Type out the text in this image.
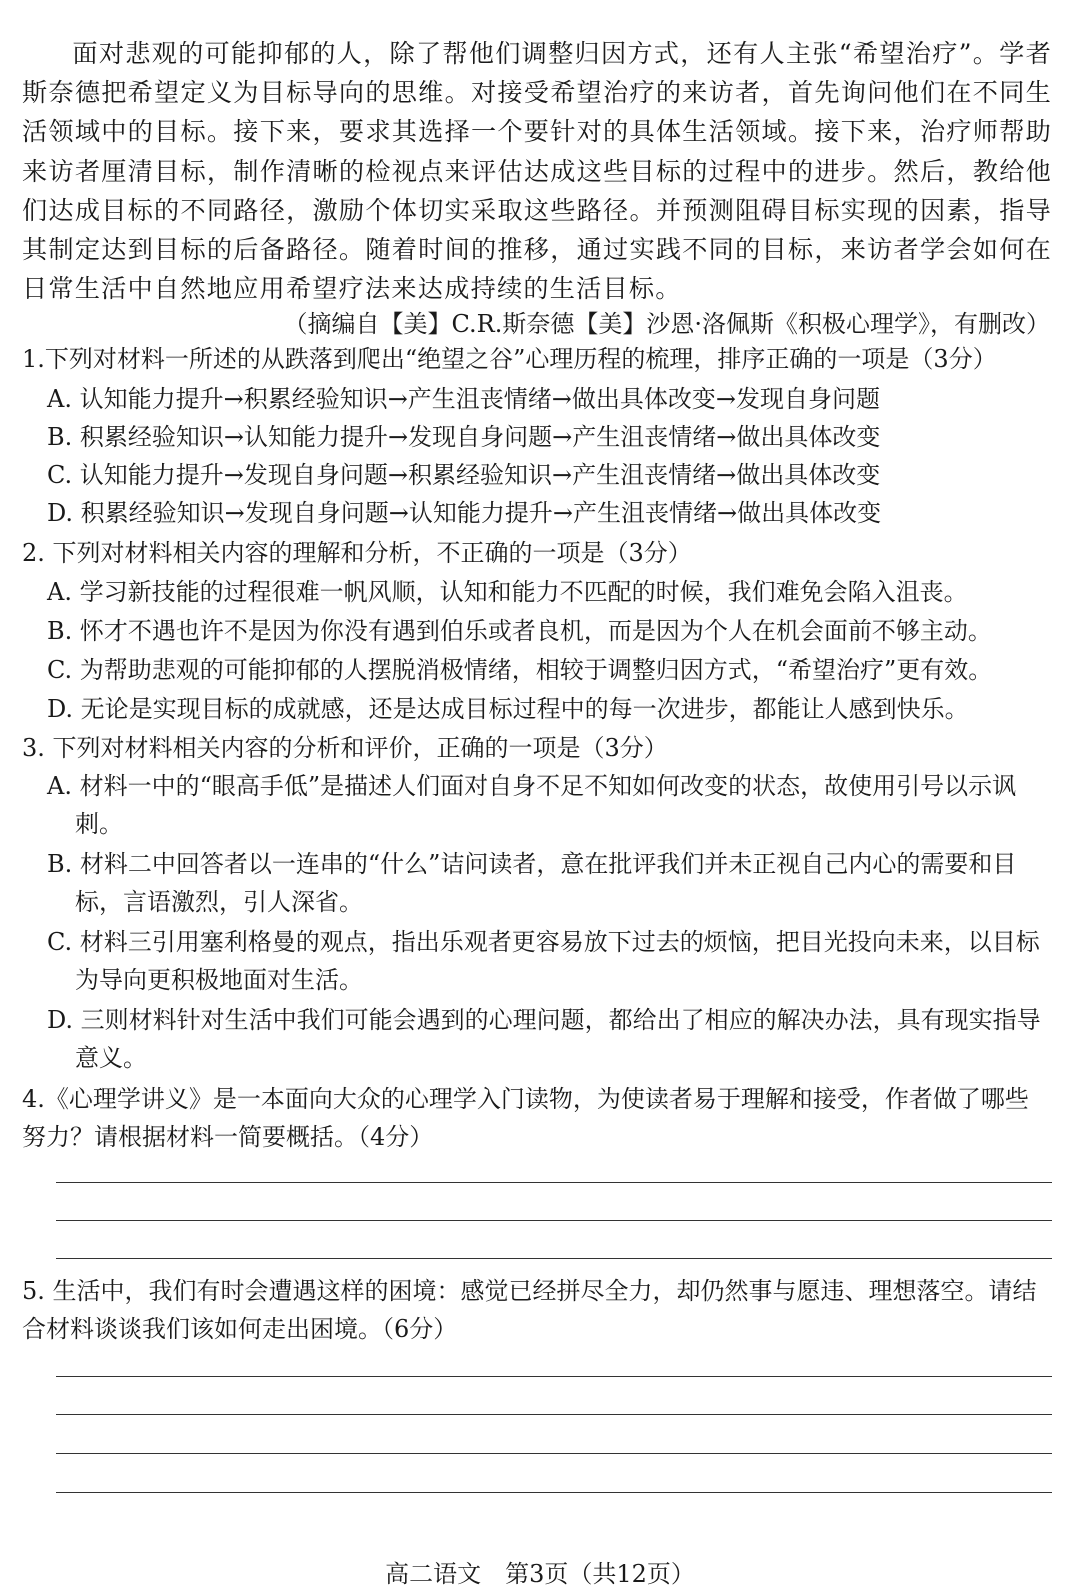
面对悲观的可能抑郁的人，除了帮他们调整归因方式，还有人主张“希望治疗”。学者斯奈德把希望定义为目标导向的思维。对接受希望治疗的来访者，首先询问他们在不同生活领域中的目标。接下来，要求其选择一个要针对的具体生活领域。接下来，治疗师帮助来访者厘清目标，制作清晰的检视点来评估达成这些目标的过程中的进步。然后，教给他们达成目标的不同路径，激励个体切实采取这些路径。并预测阻碍目标实现的因素，指导其制定达到目标的后备路径。随着时间的推移，通过实践不同的目标，来访者学会如何在日常生活中自然地应用希望疗法来达成持续的生活目标。

（摘编自【美】C.R.斯奈德【美】沙恩·洛佩斯《积极心理学》，有删改）

1.下列对材料一所述的从跌落到爬出“绝望之谷”心理历程的梳理，排序正确的一项是（3分）

A. 认知能力提升→积累经验知识→产生沮丧情绪→做出具体改变→发现自身问题

B. 积累经验知识→认知能力提升→发现自身问题→产生沮丧情绪→做出具体改变

C. 认知能力提升→发现自身问题→积累经验知识→产生沮丧情绪→做出具体改变

D. 积累经验知识→发现自身问题→认知能力提升→产生沮丧情绪→做出具体改变

2. 下列对材料相关内容的理解和分析，不正确的一项是（3分）

A. 学习新技能的过程很难一帆风顺，认知和能力不匹配的时候，我们难免会陷入沮丧。

B. 怀才不遇也许不是因为你没有遇到伯乐或者良机，而是因为个人在机会面前不够主动。

C. 为帮助悲观的可能抑郁的人摆脱消极情绪，相较于调整归因方式，“希望治疗”更有效。

D. 无论是实现目标的成就感，还是达成目标过程中的每一次进步，都能让人感到快乐。

3. 下列对材料相关内容的分析和评价，正确的一项是（3分）

A. 材料一中的“眼高手低”是描述人们面对自身不足不知如何改变的状态，故使用引号以示讽刺。

B. 材料二中回答者以一连串的“什么”诘问读者，意在批评我们并未正视自己内心的需要和目标，言语激烈，引人深省。

C. 材料三引用塞利格曼的观点，指出乐观者更容易放下过去的烦恼，把目光投向未来，以目标为导向更积极地面对生活。

D. 三则材料针对生活中我们可能会遇到的心理问题，都给出了相应的解决办法，具有现实指导意义。

4.《心理学讲义》是一本面向大众的心理学入门读物，为使读者易于理解和接受，作者做了哪些努力？请根据材料一简要概括。（4分）

5. 生活中，我们有时会遭遇这样的困境：感觉已经拼尽全力，却仍然事与愿违、理想落空。请结合材料谈谈我们该如何走出困境。（6分）

高二语文　第3页（共12页）
